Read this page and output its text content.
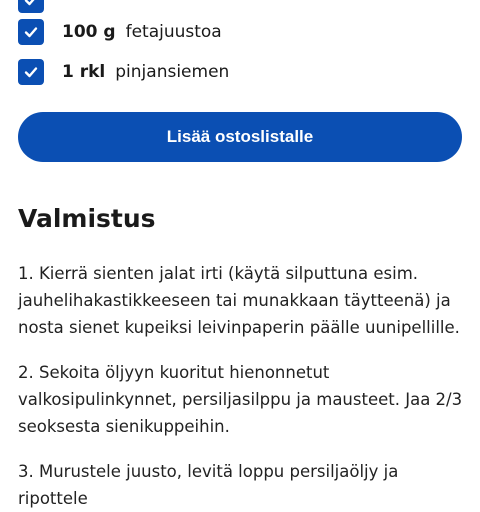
100 g fetajuustoa
1 rkl pinjansiemen
Lisää ostoslistalle
Valmistus

1. Kierrä sienten jalat irti (käytä silputtuna esim. jauhelihakastikkeeseen tai munakkaan täytteenä) ja nosta sienet kupeiksi leivinpaperin päälle uunipellille.

2. Sekoita öljyyn kuoritut hienonnetut valkosipulinkynnet, persiljasilppu ja mausteet. Jaa 2/3 seoksesta sienikuppeihin.

3. Murustele juusto, levitä loppu persiljaöljy ja ripottele
